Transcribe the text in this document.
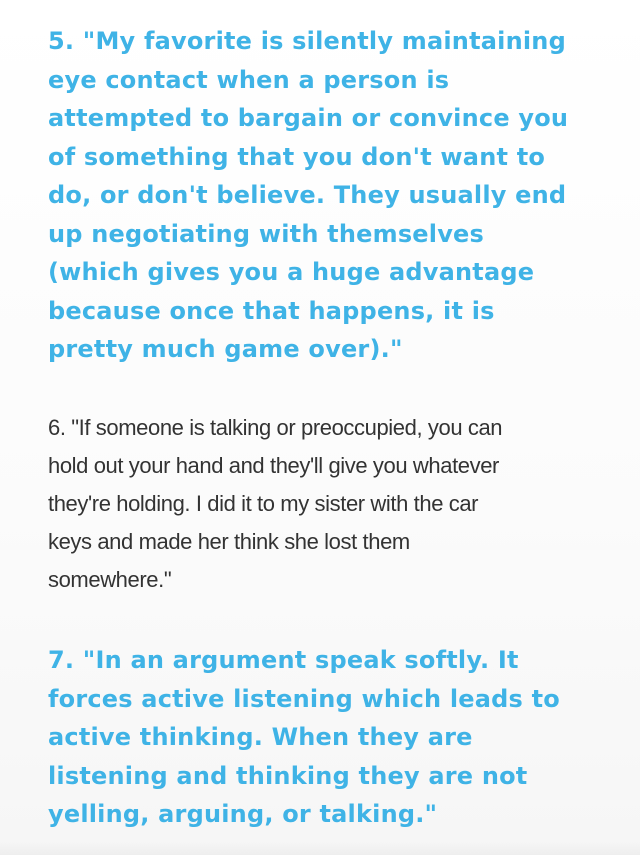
5. "My favorite is silently maintaining
eye contact when a person is
attempted to bargain or convince you
of something that you don't want to
do, or don't believe. They usually end
up negotiating with themselves
(which gives you a huge advantage
because once that happens, it is
pretty much game over)."

6. "If someone is talking or preoccupied, you can
hold out your hand and they'll give you whatever
they're holding. I did it to my sister with the car
keys and made her think she lost them
somewhere."

7. "In an argument speak softly. It
forces active listening which leads to
active thinking. When they are
listening and thinking they are not
yelling, arguing, or talking."
